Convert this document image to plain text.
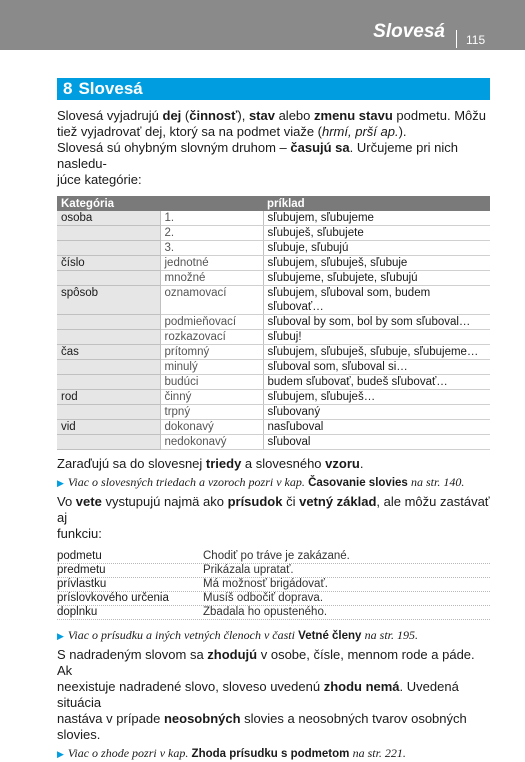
Slovesá 115
8 Slovesá

Slovesá vyjadrujú dej (činnosť), stav alebo zmenu stavu podmetu. Môžu tiež vyjadrovať dej, ktorý sa na podmet viaže (hrmí, prší ap.).

Slovesá sú ohybným slovným druhom – časujú sa. Určujeme pri nich nasledu-
júce kategórie:

Kategória		príklad
osoba	1.	sľubujem, sľubujeme
	2.	sľubuješ, sľubujete
	3.	sľubuje, sľubujú
číslo	jednotné	sľubujem, sľubuješ, sľubuje
	množné	sľubujeme, sľubujete, sľubujú
spôsob	oznamovací	sľubujem, sľuboval som, budem sľubovať…
	podmieňovací	sľuboval by som, bol by som sľuboval…
	rozkazovací	sľubuj!
čas	prítomný	sľubujem, sľubuješ, sľubuje, sľubujeme…
	minulý	sľuboval som, sľuboval si…
	budúci	budem sľubovať, budeš sľubovať…
rod	činný	sľubujem, sľubuješ…
	trpný	sľubovaný
vid	dokonavý	nasľuboval
	nedokonavý	sľuboval

Zaraďujú sa do slovesnej triedy a slovesného vzoru.

▶ Viac o slovesných triedach a vzoroch pozri v kap. Časovanie slovies na str. 140.

Vo vete vystupujú najmä ako prísudok či vetný základ, ale môžu zastávať aj
funkciu:

podmetu	Chodiť po tráve je zakázané.
predmetu	Prikázala upratať.
prívlastku	Má možnosť brigádovať.
príslovkového určenia	Musíš odbočiť doprava.
doplnku	Zbadala ho opusteného.
▶ Viac o prísudku a iných vetných členoch v časti Vetné členy na str. 195.

S nadradeným slovom sa zhodujú v osobe, čísle, mennom rode a páde. Ak
neexistuje nadradené slovo, sloveso uvedenú zhodu nemá. Uvedená situácia
nastáva v prípade neosobných slovies a neosobných tvarov osobných slovies.

▶ Viac o zhode pozri v kap. Zhoda prísudku s podmetom na str. 221.
